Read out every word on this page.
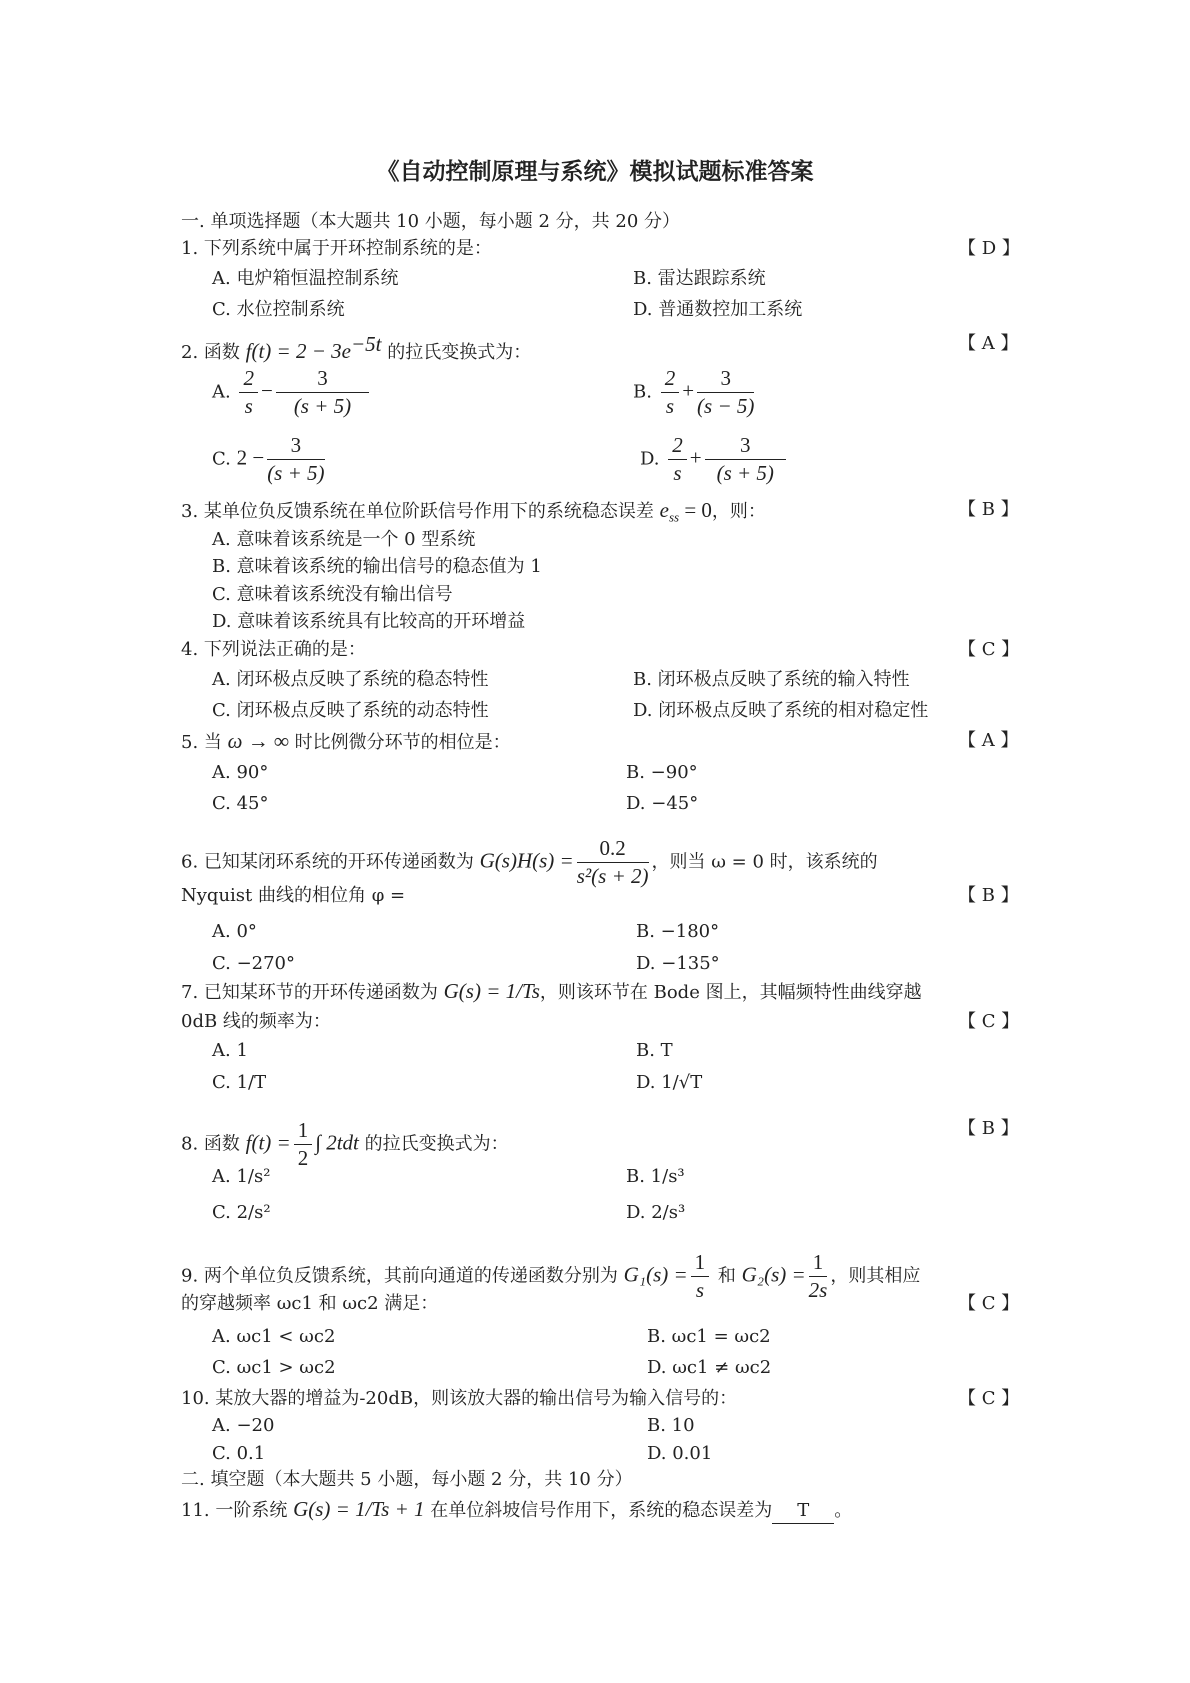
《自动控制原理与系统》模拟试题标准答案
一. 单项选择题（本大题共 10 小题，每小题 2 分，共 20 分）
1. 下列系统中属于开环控制系统的是：	【 D 】
A. 电炉箱恒温控制系统	B. 雷达跟踪系统
C. 水位控制系统	D. 普通数控加工系统
2. 函数 $f(t) = 2 - 3e^{-5t}$ 的拉氏变换式为：	【 A 】
A. $\frac{2}{s} - \frac{3}{(s + 5)}$	B. $\frac{2}{s} + \frac{3}{(s - 5)}$
C. $2 - \frac{3}{(s + 5)}$	D. $\frac{2}{s} + \frac{3}{(s + 5)}$
3. 某单位负反馈系统在单位阶跃信号作用下的系统稳态误差 $e_{ss} = 0$，则：	【 B 】
A. 意味着该系统是一个 0 型系统
B. 意味着该系统的输出信号的稳态值为 1
C. 意味着该系统没有输出信号
D. 意味着该系统具有比较高的开环增益
4. 下列说法正确的是：	【 C 】
A. 闭环极点反映了系统的稳态特性	B. 闭环极点反映了系统的输入特性
C. 闭环极点反映了系统的动态特性	D. 闭环极点反映了系统的相对稳定性
5. 当 ω → ∞ 时比例微分环节的相位是：	【 A 】
A. 90°	B. −90°
C. 45°	D. −45°
6. 已知某闭环系统的开环传递函数为 $G(s)H(s) = \frac{0.2}{\text{s²(s + 2)}}$ ，则当 ω = 0 时，该系统的
Nyquist 曲线的相位角 φ =	【 B 】
A. 0°	B. −180°
C. −270°	D. −135°
7. 已知某环节的开环传递函数为 G(s) = 1/Ts，则该环节在 Bode 图上，其幅频特性曲线穿越
0dB 线的频率为：	【 C 】
A. 1	B. T
C. 1/T	D. 1/√T
8. 函数 $f(t) = \frac{1}{2}$ ∫ 2tdt 的拉氏变换式为：
【 B 】
A. 1/s²	B. 1/s³
C. 2/s²	D. 2/s³
9. 两个单位负反馈系统，其前向通道的传递函数分别为 $G_1(s) = \frac{1}{s}$ 和 $G_2(s) = \frac{1}{2s}$ ，则其相应
的穿越频率 ωc1 和 ωc2 满足：	【 C 】
A. ωc1 < ωc2	B. ωc1 = ωc2
C. ωc1 > ωc2	D. ωc1 ≠ ωc2
10. 某放大器的增益为-20dB，则该放大器的输出信号为输入信号的：	【 C 】
A. −20	B. 10
C. 0.1	D. 0.01
二. 填空题（本大题共 5 小题，每小题 2 分，共 10 分）
11. 一阶系统 G(s) = 1/Ts + 1 在单位斜坡信号作用下，系统的稳态误差为 T 。
